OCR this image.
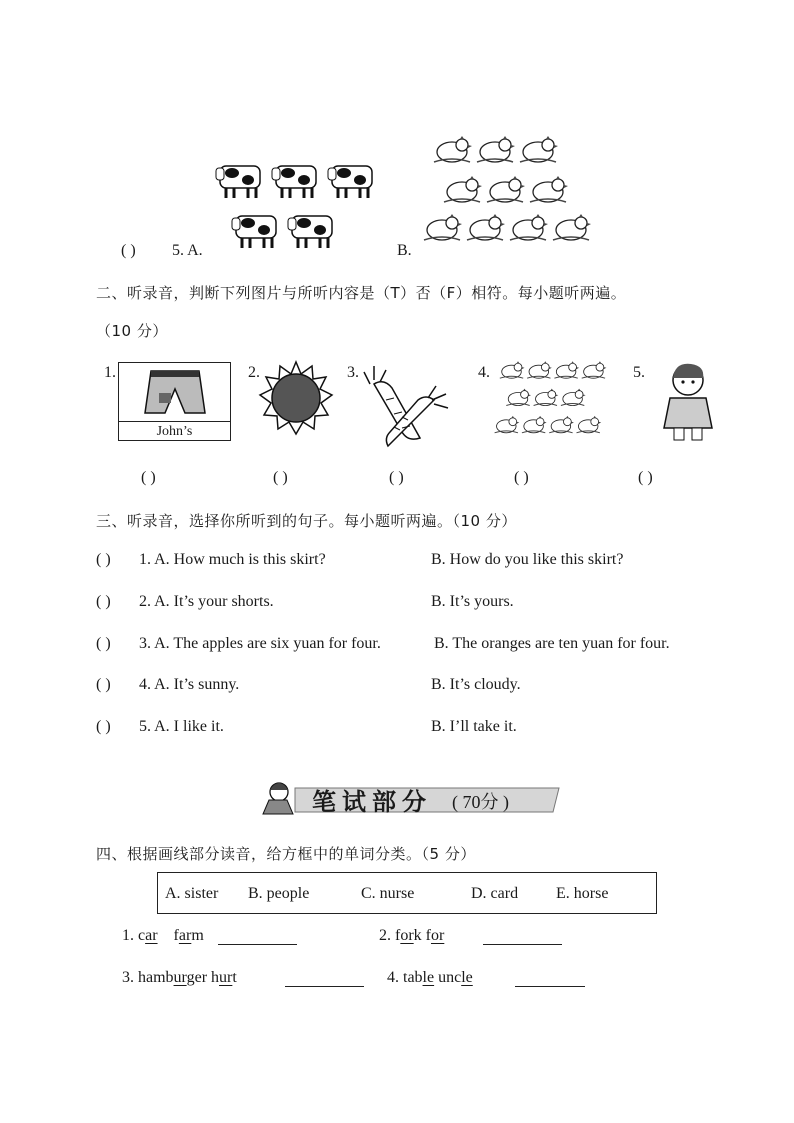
( ) 5. A.	B.
二、听录音，判断下列图片与所听内容是（T）否（F）相符。每小题听两遍。
（10 分）
1.
John’s
2.	3.	4.	5.
( )	( )	( )	( )	( )
三、听录音，选择你所听到的句子。每小题听两遍。（10 分）
( ) 1. A. How much is this skirt?	B. How do you like this skirt?
( ) 2. A. It’s your shorts.	B. It’s yours.
( ) 3. A. The apples are six yuan for four.	B. The oranges are ten yuan for four.
( ) 4. A. It’s sunny.	B. It’s cloudy.
( ) 5. A. I like it.	B. I’ll take it.
笔试部分 ( 70分 )
四、根据画线部分读音，给方框中的单词分类。（5 分）
A. sister B. people	C. nurse	D. card E. horse
1. car farm	2. fork for
3. hamburger hurt	4. table uncle
